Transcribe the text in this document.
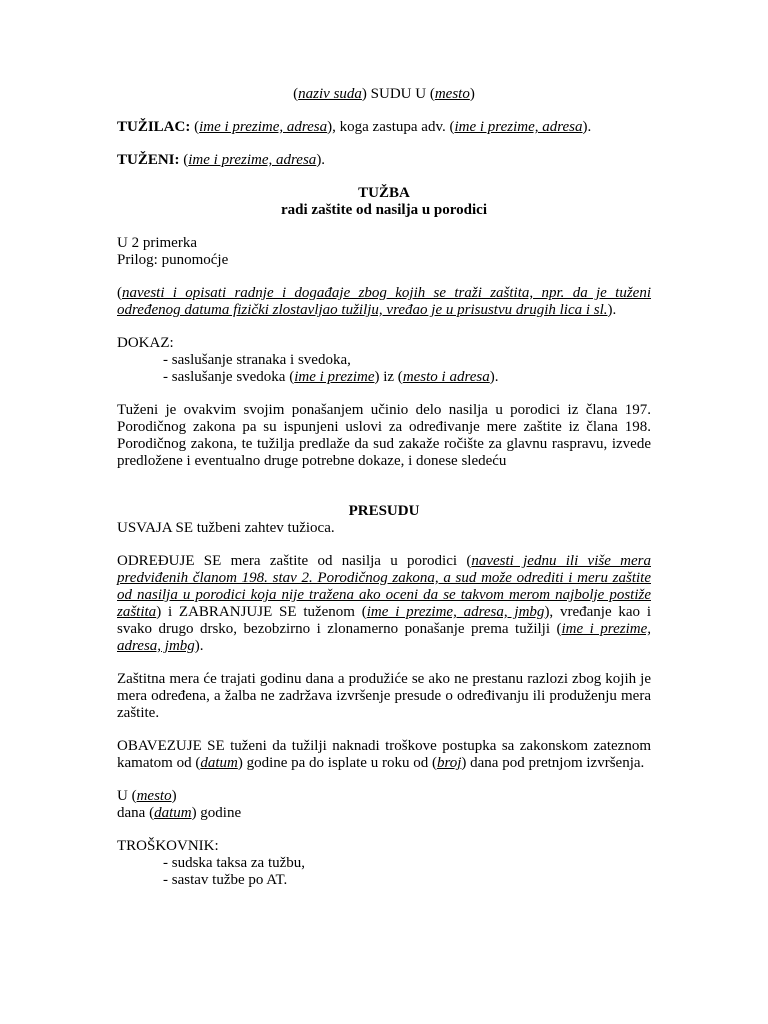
(naziv suda) SUDU U (mesto)

TUŽILAC: (ime i prezime, adresa), koga zastupa adv. (ime i prezime, adresa).

TUŽENI: (ime i prezime, adresa).

TUŽBA

radi zaštite od nasilja u porodici

U 2 primerka

Prilog: punomoćje

(navesti i opisati radnje i događaje zbog kojih se traži zaštita, npr. da je tuženi određenog datuma fizički zlostavljao tužilju, vređao je u prisustvu drugih lica i sl.).

DOKAZ:

- saslušanje stranaka i svedoka,

- saslušanje svedoka (ime i prezime) iz (mesto i adresa).

Tuženi je ovakvim svojim ponašanjem učinio delo nasilja u porodici iz člana 197. Porodičnog zakona pa su ispunjeni uslovi za određivanje mere zaštite iz člana 198. Porodičnog zakona, te tužilja predlaže da sud zakaže ročište za glavnu raspravu, izvede predložene i eventualno druge potrebne dokaze, i donese sledeću

PRESUDU

USVAJA SE tužbeni zahtev tužioca.

ODREĐUJE SE mera zaštite od nasilja u porodici (navesti jednu ili više mera predviđenih članom 198. stav 2. Porodičnog zakona, a sud može odrediti i meru zaštite od nasilja u porodici koja nije tražena ako oceni da se takvom merom najbolje postiže zaštita) i ZABRANJUJE SE tuženom (ime i prezime, adresa, jmbg), vređanje kao i svako drugo drsko, bezobzirno i zlonamerno ponašanje prema tužilji (ime i prezime, adresa, jmbg).

Zaštitna mera će trajati godinu dana a produžiće se ako ne prestanu razlozi zbog kojih je mera određena, a žalba ne zadržava izvršenje presude o određivanju ili produženju mera zaštite.

OBAVEZUJE SE tuženi da tužilji naknadi troškove postupka sa zakonskom zateznom kamatom od (datum) godine pa do isplate u roku od (broj) dana pod pretnjom izvršenja.

U (mesto)

dana (datum) godine

TROŠKOVNIK:

- sudska taksa za tužbu,

- sastav tužbe po AT.
